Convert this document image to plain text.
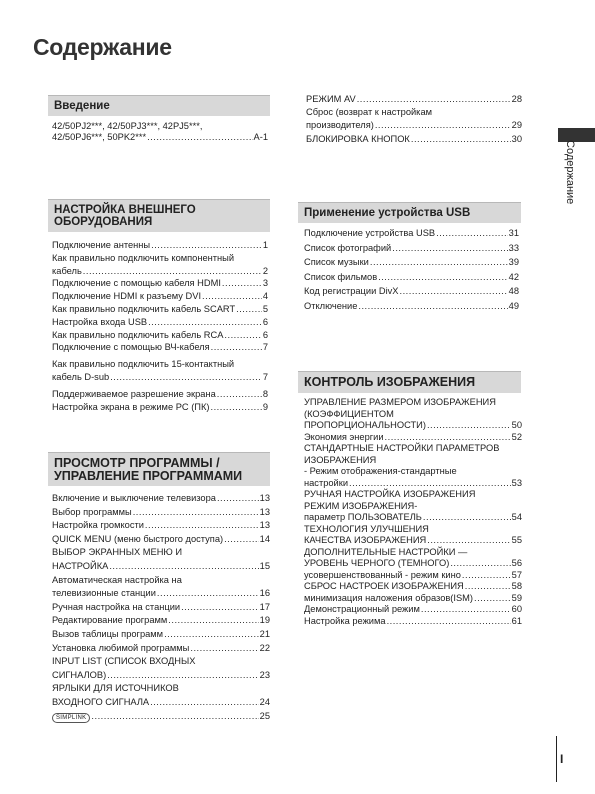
Содержание
Введение
42/50PJ2***, 42/50PJ3***, 42PJ5***,
42/50PJ6***, 50PK2*** .....	A-1
НАСТРОЙКА ВНЕШНЕГО
ОБОРУДОВАНИЯ
Подключение антенны .....	1
Как правильно подключить компонентный
кабель .....	2
Подключение с помощью кабеля HDMI .....	3
Подключение HDMI к разъему DVI .....	4
Как правильно подключить кабель SCART .....	5
Настройка входа USB .....	6
Как правильно подключить кабель RCA .....	6
Подключение с помощью ВЧ-кабеля .....	7
Как правильно подключить 15-контактный
кабель D-sub .....	7
Поддерживаемое разрешение экрана .....	8
Настройка экрана в режиме PC (ПК) .....	9
ПРОСМОТР ПРОГРАММЫ /
УПРАВЛЕНИЕ ПРОГРАММАМИ
Включение и выключение телевизора .....	13
Выбор программы .....	13
Настройка громкости .....	13
QUICK MENU (меню быстрого доступа) .....	14
ВЫБОР ЭКРАННЫХ МЕНЮ И
НАСТРОЙКА .....	15
Автоматическая настройка на
телевизионные станции .....	16
Ручная настройка на станции .....	17
Редактирование программ .....	19
Вызов таблицы программ .....	21
Установка любимой программы .....	22
INPUT LIST (СПИСОК ВХОДНЫХ
СИГНАЛОВ) .....	23
ЯРЛЫКИ ДЛЯ ИСТОЧНИКОВ
ВХОДНОГО СИГНАЛА .....	24
SIMPLINK .....	25
РЕЖИМ AV .....	28
Сброс (возврат к настройкам
производителя) .....	29
БЛОКИРОВКА КНОПОК .....	30
Применение устройства USB
Подключение устройства USB .....	31
Список фотографий .....	33
Список музыки .....	39
Список фильмов .....	42
Код регистрации DivX .....	48
Отключение .....	49
КОНТРОЛЬ ИЗОБРАЖЕНИЯ
УПРАВЛЕНИЕ РАЗМЕРОМ ИЗОБРАЖЕНИЯ
(КОЭФФИЦИЕНТОМ
ПРОПОРЦИОНАЛЬНОСТИ) .....	50
Экономия энергии .....	52
СТАНДАРТНЫЕ НАСТРОЙКИ ПАРАМЕТРОВ
ИЗОБРАЖЕНИЯ
- Режим отображения-стандартные
настройки .....	53
РУЧНАЯ НАСТРОЙКА ИЗОБРАЖЕНИЯ
РЕЖИМ ИЗОБРАЖЕНИЯ-
параметр ПОЛЬЗОВАТЕЛЬ .....	54
ТЕХНОЛОГИЯ УЛУЧШЕНИЯ
КАЧЕСТВА ИЗОБРАЖЕНИЯ .....	55
ДОПОЛНИТЕЛЬНЫЕ НАСТРОЙКИ —
УРОВЕНЬ ЧЕРНОГО (ТЕМНОГО) .....	56
усовершенствованный - режим кино .....	57
СБРОС НАСТРОЕК ИЗОБРАЖЕНИЯ .....	58
минимизация наложения образов(ISM) .....	59
Демонстрационный режим .....	60
Настройка режима .....	61
Содержание
I
